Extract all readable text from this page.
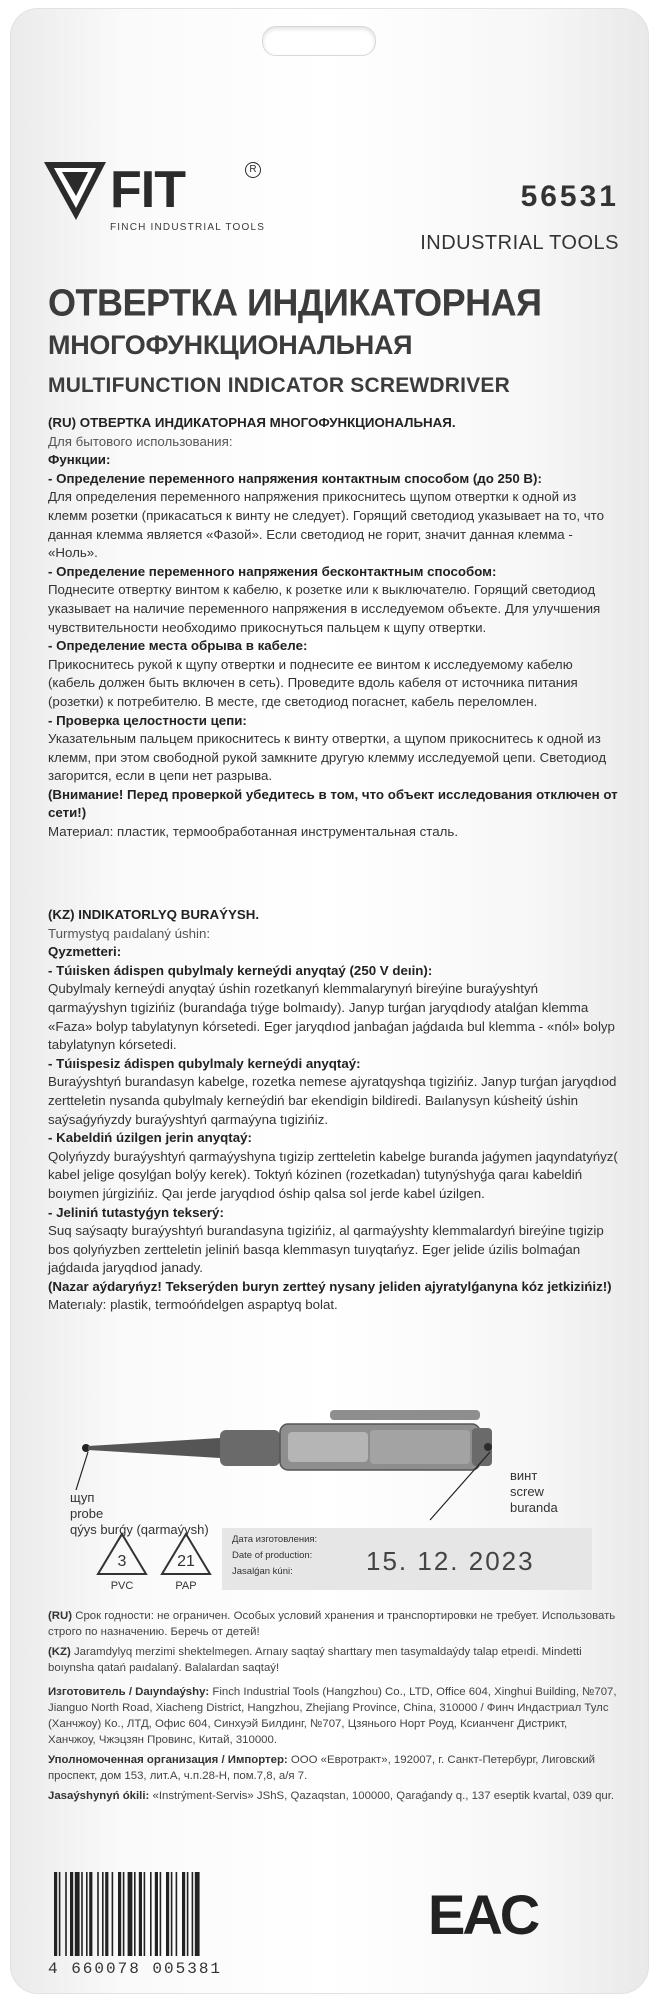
FIT	R
FINCH INDUSTRIAL TOOLS
56531
INDUSTRIAL TOOLS
ОТВЕРТКА ИНДИКАТОРНАЯ
МНОГОФУНКЦИОНАЛЬНАЯ
MULTIFUNCTION INDICATOR SCREWDRIVER

(RU) ОТВЕРТКА ИНДИКАТОРНАЯ МНОГОФУНКЦИОНАЛЬНАЯ.

Для бытового использования:

Функции:

- Определение переменного напряжения контактным способом (до 250 В):

Для определения переменного напряжения прикоснитесь щупом отвертки к одной из клемм розетки (прикасаться к винту не следует). Горящий светодиод указывает на то, что данная клемма является «Фазой». Если светодиод не горит, значит данная клемма - «Ноль».

- Определение переменного напряжения бесконтактным способом:

Поднесите отвертку винтом к кабелю, к розетке или к выключателю. Горящий светодиод указывает на наличие переменного напряжения в исследуемом объекте. Для улучшения чувствительности необходимо прикоснуться пальцем к щупу отвертки.

- Определение места обрыва в кабеле:

Прикоснитесь рукой к щупу отвертки и поднесите ее винтом к исследуемому кабелю (кабель должен быть включен в сеть). Проведите вдоль кабеля от источника питания (розетки) к потребителю. В месте, где светодиод погаснет, кабель переломлен.

- Проверка целостности цепи:

Указательным пальцем прикоснитесь к винту отвертки, а щупом прикоснитесь к одной из клемм, при этом свободной рукой замкните другую клемму исследуемой цепи. Светодиод загорится, если в цепи нет разрыва.

(Внимание! Перед проверкой убедитесь в том, что объект исследования отключен от сети!)

Материал: пластик, термообработанная инструментальная сталь.

(KZ) INDIKATORLYQ BURAÝYSH.

Turmystyq paıdalaný úshin:

Qyzmetteri:

- Túıisken ádispen qubylmaly kerneýdi anyqtaý (250 V deıin):

Qubylmaly kerneýdi anyqtaý úshin rozetkanyń klemmalarynyń bireýine buraýyshtyń qarmaýyshyn tıgizińiz (burandaǵa tıýge bolmaıdy). Janyp turǵan jaryqdıody atalǵan klemma «Faza» bolyp tabylatynyn kórsetedi. Eger jaryqdıod janbaǵan jaǵdaıda bul klemma - «nól» bolyp tabylatynyn kórsetedi.

- Túıispesiz ádispen qubylmaly kerneýdi anyqtaý:

Buraýyshtyń burandasyn kabelge, rozetka nemese ajyratqyshqa tıgizińiz. Janyp turǵan jaryqdıod zertteletin nysanda qubylmaly kerneýdiń bar ekendigin bildiredi. Baılanysyn kúsheitý úshin saýsaǵyńyzdy buraýyshtyń qarmaýyna tıgizińiz.

- Kabeldiń úzilgen jerin anyqtaý:

Qolyńyzdy buraýyshtyń qarmaýyshyna tıgizip zertteletin kabelge buranda jaǵymen jaqyndatyńyz( kabel jelige qosylǵan bolýy kerek). Toktyń kózinen (rozetkadan) tutynýshyǵa qaraı kabeldiń boıymen júrgizińiz. Qaı jerde jaryqdıod óship qalsa sol jerde kabel úzilgen.

- Jeliniń tutastyǵyn tekserý:

Suq saýsaqty buraýyshtyń burandasyna tıgizińiz, al qarmaýyshty klemmalardyń bireýine tıgizip bos qolyńyzben zertteletin jeliniń basqa klemmasyn tuıyqtańyz. Eger jelide úzilis bolmaǵan jaǵdaıda jaryqdıod janady.

(Nazar aýdaryńyz! Tekserýden buryn zertteý nysany jeliden ajyratylǵanyna kóz jetkizińiz!)

Materıaly: plastik, termoóńdelgen aspaptyq bolat.

щуп
probe
qýys burǵy (qarmaýysh)
винт
screw
buranda
3
PVC
21
PAP
Дата изготовления:
Date of production:
Jasalǵan kúni:	15. 12. 2023

(RU) Срок годности: не ограничен. Особых условий хранения и транспортировки не требует. Использовать строго по назначению. Беречь от детей!

(KZ) Jaramdylyq merzimi shektelmegen. Arnaıy saqtaý sharttary men tasymaldaýdy talap etpeıdi. Mindetti boıynsha qatań paıdalaný. Balalardan saqtaý!

Изготовитель / Daıyndaýshy: Finch Industrial Tools (Hangzhou) Co., LTD, Office 604, Xinghui Building, №707, Jianguo North Road, Xiacheng District, Hangzhou, Zhejiang Province, China, 310000 / Финч Индастриал Тулс (Ханчжоу) Ко., ЛТД, Офис 604, Синхуэй Билдинг, №707, Цзянього Норт Роуд, Ксианченг Дистрикт, Ханчжоу, Чжэцзян Провинс, Китай, 310000.

Уполномоченная организация / Импортер: ООО «Евротракт», 192007, г. Санкт-Петербург, Лиговский проспект, дом 153, лит.А, ч.п.28-Н, пом.7,8, а/я 7.

Jasaýshynyń ókili: «Instrýment-Servis» JShS, Qazaqstan, 100000, Qaraǵandy q., 137 eseptik kvartal, 039 qur.

4 660078 005381
EAC
